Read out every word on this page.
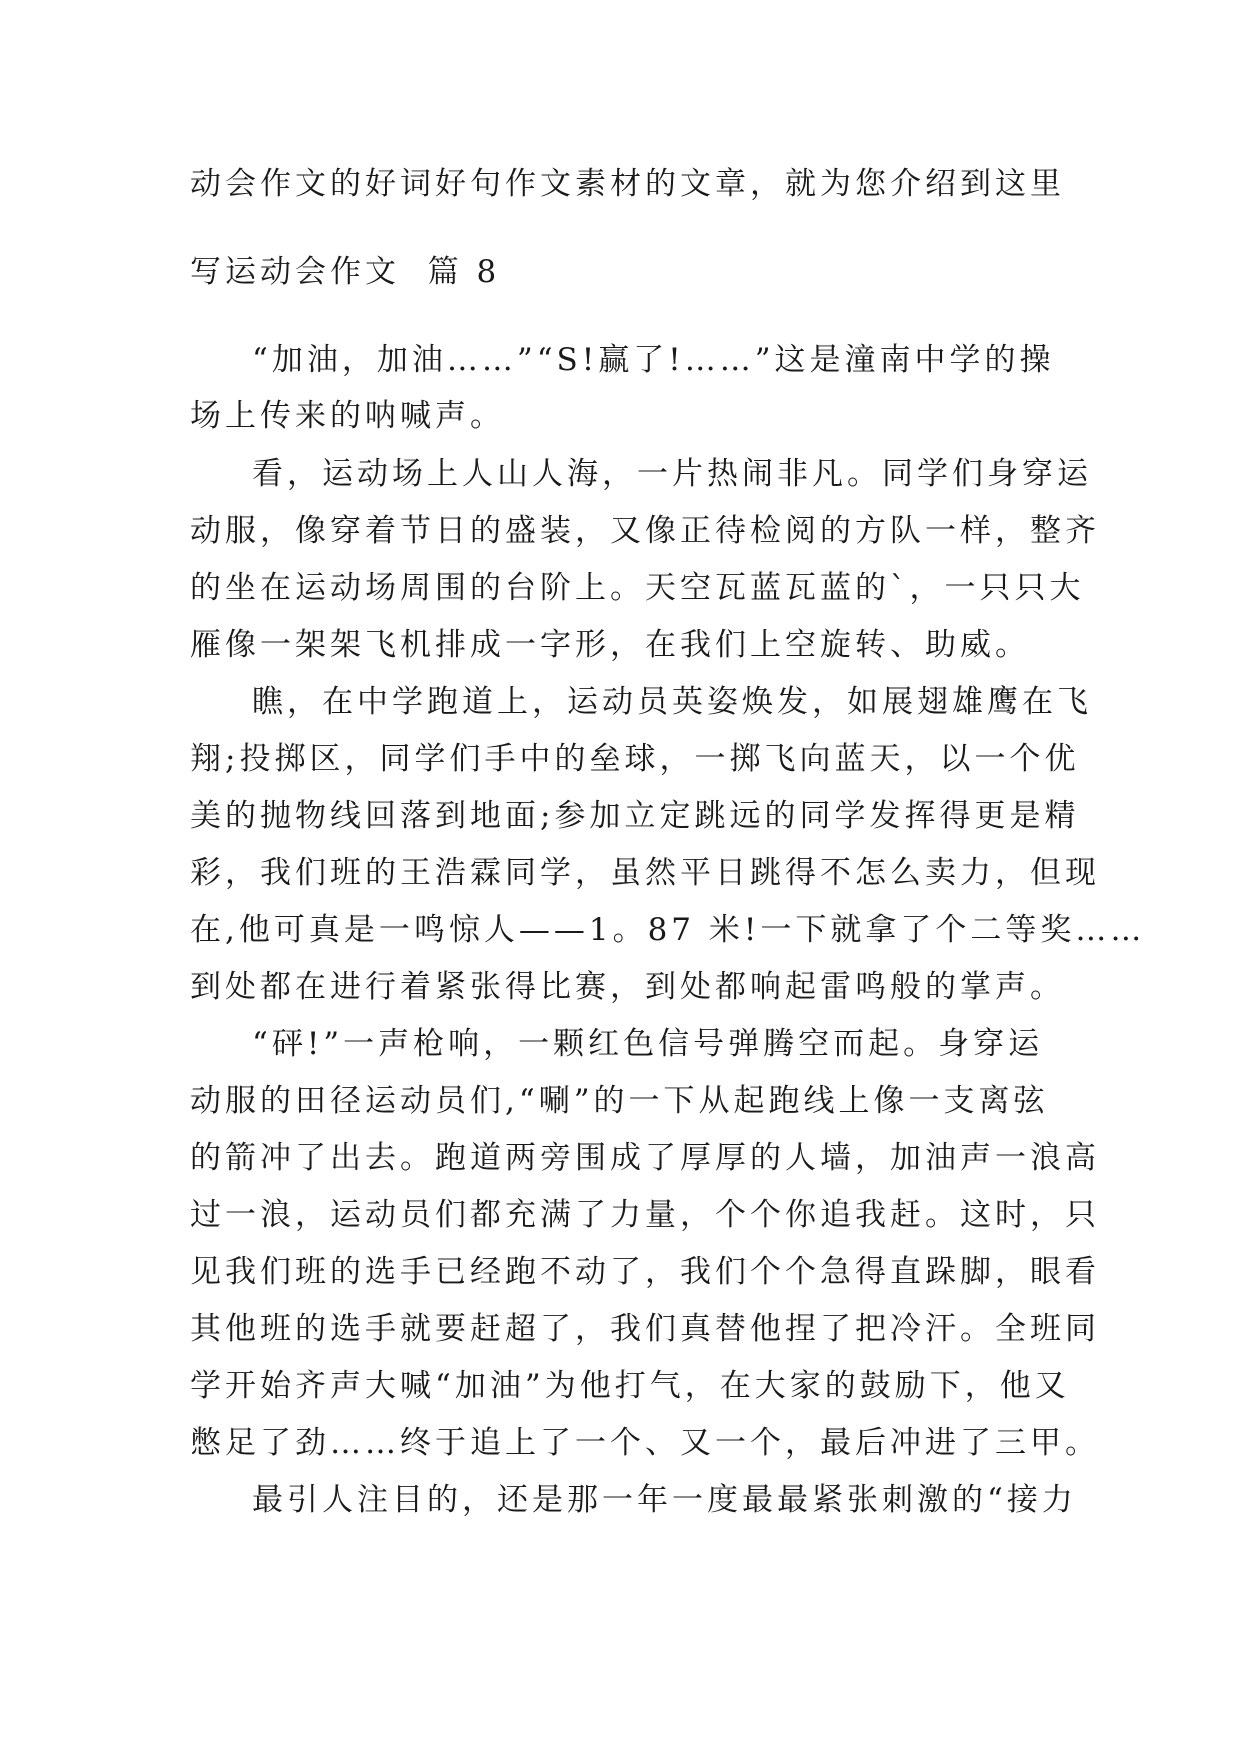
动会作文的好词好句作文素材的文章，就为您介绍到这里
写运动会作文  篇 8
“加油，加油……”“S!赢了!……”这是潼南中学的操
场上传来的呐喊声。
看，运动场上人山人海，一片热闹非凡。同学们身穿运
动服，像穿着节日的盛装，又像正待检阅的方队一样，整齐
的坐在运动场周围的台阶上。天空瓦蓝瓦蓝的`，一只只大
雁像一架架飞机排成一字形，在我们上空旋转、助威。
瞧，在中学跑道上，运动员英姿焕发，如展翅雄鹰在飞
翔;投掷区，同学们手中的垒球，一掷飞向蓝天，以一个优
美的抛物线回落到地面;参加立定跳远的同学发挥得更是精
彩，我们班的王浩霖同学，虽然平日跳得不怎么卖力，但现
在,他可真是一鸣惊人——1。87 米!一下就拿了个二等奖……
到处都在进行着紧张得比赛，到处都响起雷鸣般的掌声。
“砰!”一声枪响，一颗红色信号弹腾空而起。身穿运
动服的田径运动员们,“唰”的一下从起跑线上像一支离弦
的箭冲了出去。跑道两旁围成了厚厚的人墙，加油声一浪高
过一浪，运动员们都充满了力量，个个你追我赶。这时，只
见我们班的选手已经跑不动了，我们个个急得直跺脚，眼看
其他班的选手就要赶超了，我们真替他捏了把冷汗。全班同
学开始齐声大喊“加油”为他打气，在大家的鼓励下，他又
憋足了劲……终于追上了一个、又一个，最后冲进了三甲。
最引人注目的，还是那一年一度最最紧张刺激的“接力
